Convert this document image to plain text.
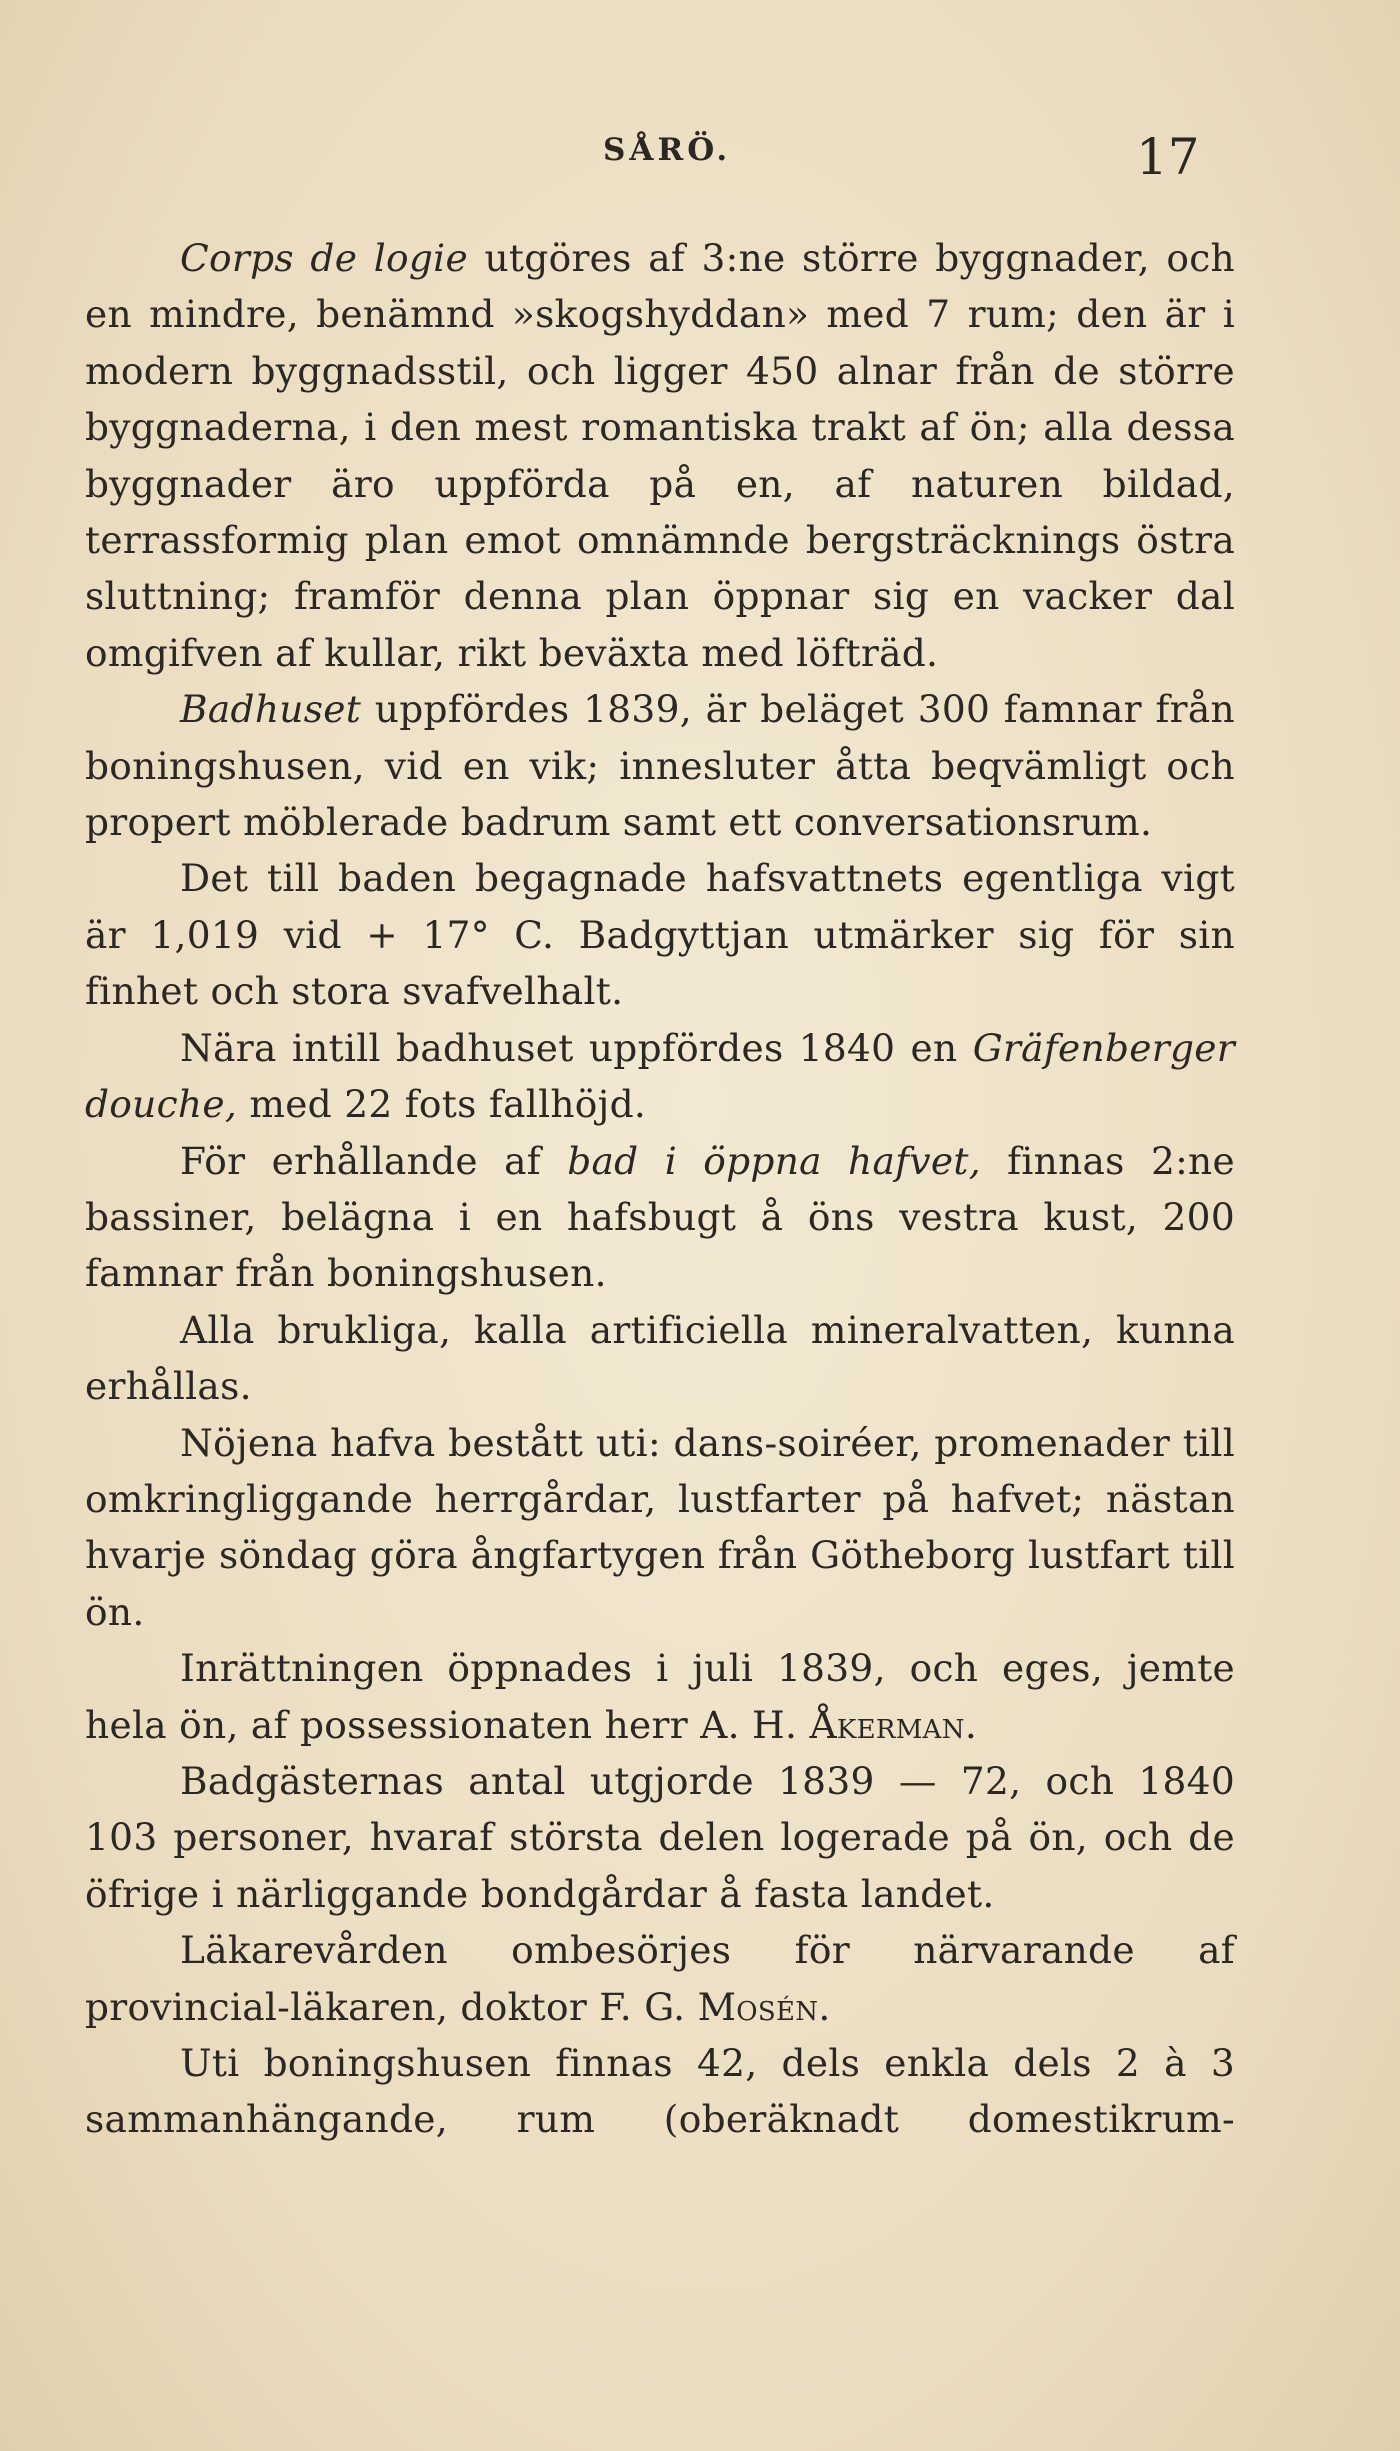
SÅRÖ.	17

Corps de logie utgöres af 3:ne större byggnader, och en mindre, benämnd »skogshyddan» med 7 rum; den är i modern byggnadsstil, och ligger 450 alnar från de större byggnaderna, i den mest romantiska trakt af ön; alla dessa byggnader äro uppförda på en, af naturen bildad, terrassformig plan emot omnämnde bergsträcknings östra sluttning; framför denna plan öppnar sig en vacker dal omgifven af kullar, rikt beväxta med löfträd.

Badhuset uppfördes 1839, är beläget 300 famnar från boningshusen, vid en vik; innesluter åtta beqvämligt och propert möblerade badrum samt ett conversationsrum.

Det till baden begagnade hafsvattnets egentliga vigt är 1,019 vid + 17° C. Badgyttjan utmärker sig för sin finhet och stora svafvelhalt.

Nära intill badhuset uppfördes 1840 en Gräfenberger douche, med 22 fots fallhöjd.

För erhållande af bad i öppna hafvet, finnas 2:ne bassiner, belägna i en hafsbugt å öns vestra kust, 200 famnar från boningshusen.

Alla brukliga, kalla artificiella mineralvatten, kunna erhållas.

Nöjena hafva bestått uti: dans-soiréer, promenader till omkringliggande herrgårdar, lustfarter på hafvet; nästan hvarje söndag göra ångfartygen från Götheborg lustfart till ön.

Inrättningen öppnades i juli 1839, och eges, jemte hela ön, af possessionaten herr A. H. Åkerman.

Badgästernas antal utgjorde 1839 — 72, och 1840 103 personer, hvaraf största delen logerade på ön, och de öfrige i närliggande bondgårdar å fasta landet.

Läkarevården ombesörjes för närvarande af provincial-läkaren, doktor F. G. Mosén.

Uti boningshusen finnas 42, dels enkla dels 2 à 3 sammanhängande, rum (oberäknadt domestikrum-
